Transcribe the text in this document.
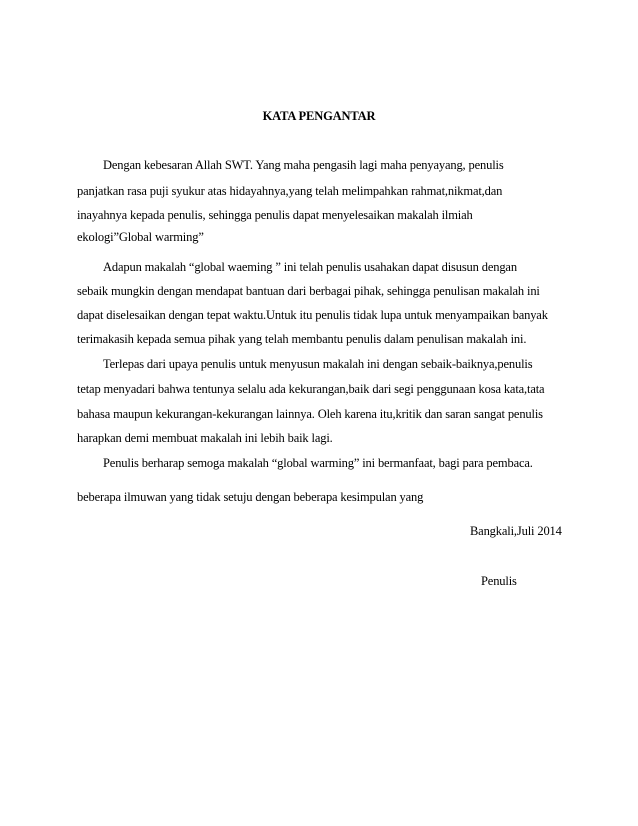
KATA PENGANTAR
Dengan kebesaran Allah SWT. Yang maha pengasih lagi maha penyayang, penulis
panjatkan rasa puji syukur atas hidayahnya,yang telah melimpahkan rahmat,nikmat,dan
inayahnya kepada penulis, sehingga penulis dapat menyelesaikan makalah ilmiah
ekologi”Global warming”
Adapun makalah “global waeming ” ini telah penulis usahakan dapat disusun dengan
sebaik mungkin dengan mendapat bantuan dari berbagai pihak, sehingga penulisan makalah ini
dapat diselesaikan dengan tepat waktu.Untuk itu penulis tidak lupa untuk menyampaikan banyak
terimakasih kepada semua pihak yang telah membantu penulis dalam penulisan makalah ini.
Terlepas dari upaya penulis untuk menyusun makalah ini dengan sebaik-baiknya,penulis
tetap menyadari bahwa tentunya selalu ada kekurangan,baik dari segi penggunaan kosa kata,tata
bahasa maupun kekurangan-kekurangan lainnya. Oleh karena itu,kritik dan saran sangat penulis
harapkan demi membuat makalah ini lebih baik lagi.
Penulis berharap semoga makalah “global warming” ini bermanfaat, bagi para pembaca.
beberapa ilmuwan yang tidak setuju dengan beberapa kesimpulan yang
Bangkali,Juli 2014
Penulis
